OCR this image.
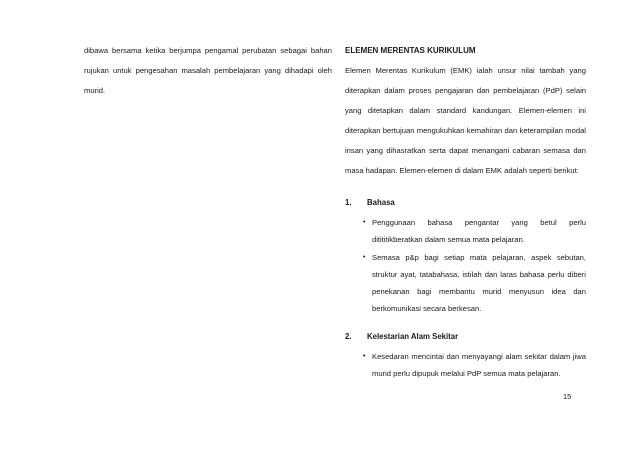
dibawa bersama ketika berjumpa pengamal perubatan sebagai bahan rujukan untuk pengesahan masalah pembelajaran yang dihadapi oleh murid.

ELEMEN MERENTAS KURIKULUM

Elemen Merentas Kurikulum (EMK) ialah unsur nilai tambah yang diterapkan dalam proses pengajaran dan pembelajaran (PdP) selain yang ditetapkan dalam standard kandungan. Elemen-elemen ini diterapkan bertujuan mengukuhkan kemahiran dan keterampilan modal insan yang dihasratkan serta dapat menangani cabaran semasa dan masa hadapan. Elemen-elemen di dalam EMK adalah seperti berikut:

1.	Bahasa
• Penggunaan bahasa pengantar yang betul perlu ditititikberatkan dalam semua mata pelajaran.
• Semasa p&p bagi setiap mata pelajaran, aspek sebutan, struktur ayat, tatabahasa, istilah dan laras bahasa perlu diberi penekanan bagi membantu murid menyusun idea dan berkomunikasi secara berkesan.
2.	Kelestarian Alam Sekitar
• Kesedaran mencintai dan menyayangi alam sekitar dalam jiwa murid perlu dipupuk melalui PdP semua mata pelajaran.
15
